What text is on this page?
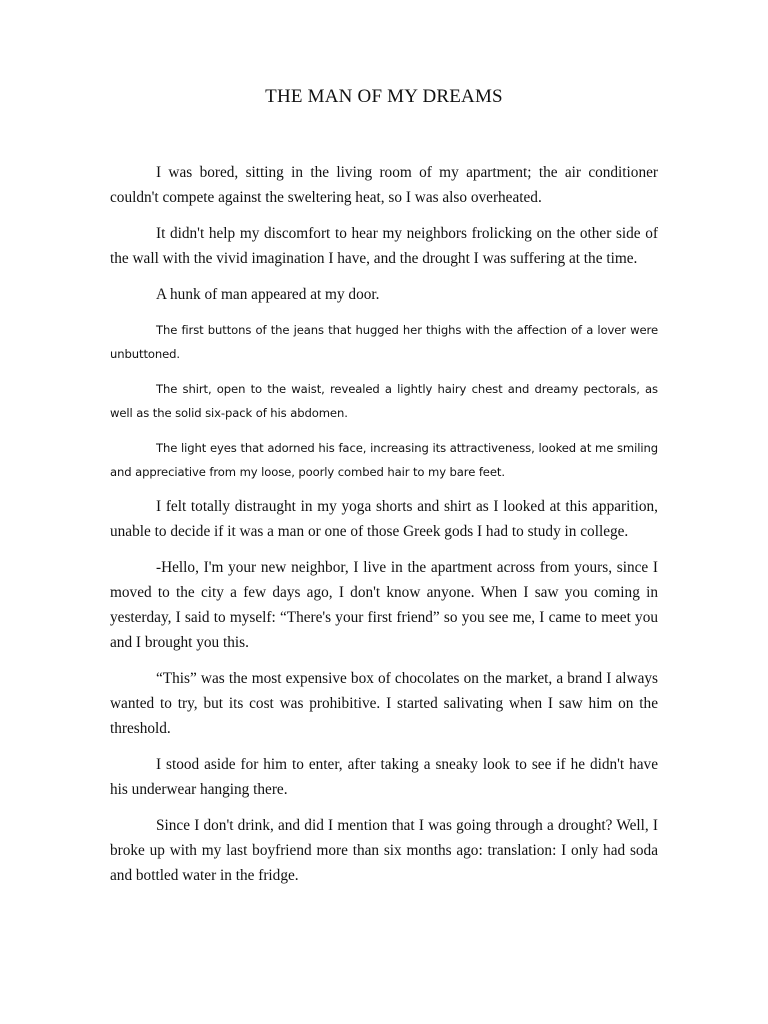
THE MAN OF MY DREAMS

I was bored, sitting in the living room of my apartment; the air conditioner couldn't compete against the sweltering heat, so I was also overheated.

It didn't help my discomfort to hear my neighbors frolicking on the other side of the wall with the vivid imagination I have, and the drought I was suffering at the time.

A hunk of man appeared at my door.

The first buttons of the jeans that hugged her thighs with the affection of a lover were unbuttoned.

The shirt, open to the waist, revealed a lightly hairy chest and dreamy pectorals, as well as the solid six-pack of his abdomen.

The light eyes that adorned his face, increasing its attractiveness, looked at me smiling and appreciative from my loose, poorly combed hair to my bare feet.

I felt totally distraught in my yoga shorts and shirt as I looked at this apparition, unable to decide if it was a man or one of those Greek gods I had to study in college.

-Hello, I'm your new neighbor, I live in the apartment across from yours, since I moved to the city a few days ago, I don't know anyone. When I saw you coming in yesterday, I said to myself: “There's your first friend” so you see me, I came to meet you and I brought you this.

“This” was the most expensive box of chocolates on the market, a brand I always wanted to try, but its cost was prohibitive. I started salivating when I saw him on the threshold.

I stood aside for him to enter, after taking a sneaky look to see if he didn't have his underwear hanging there.

Since I don't drink, and did I mention that I was going through a drought? Well, I broke up with my last boyfriend more than six months ago: translation: I only had soda and bottled water in the fridge.
